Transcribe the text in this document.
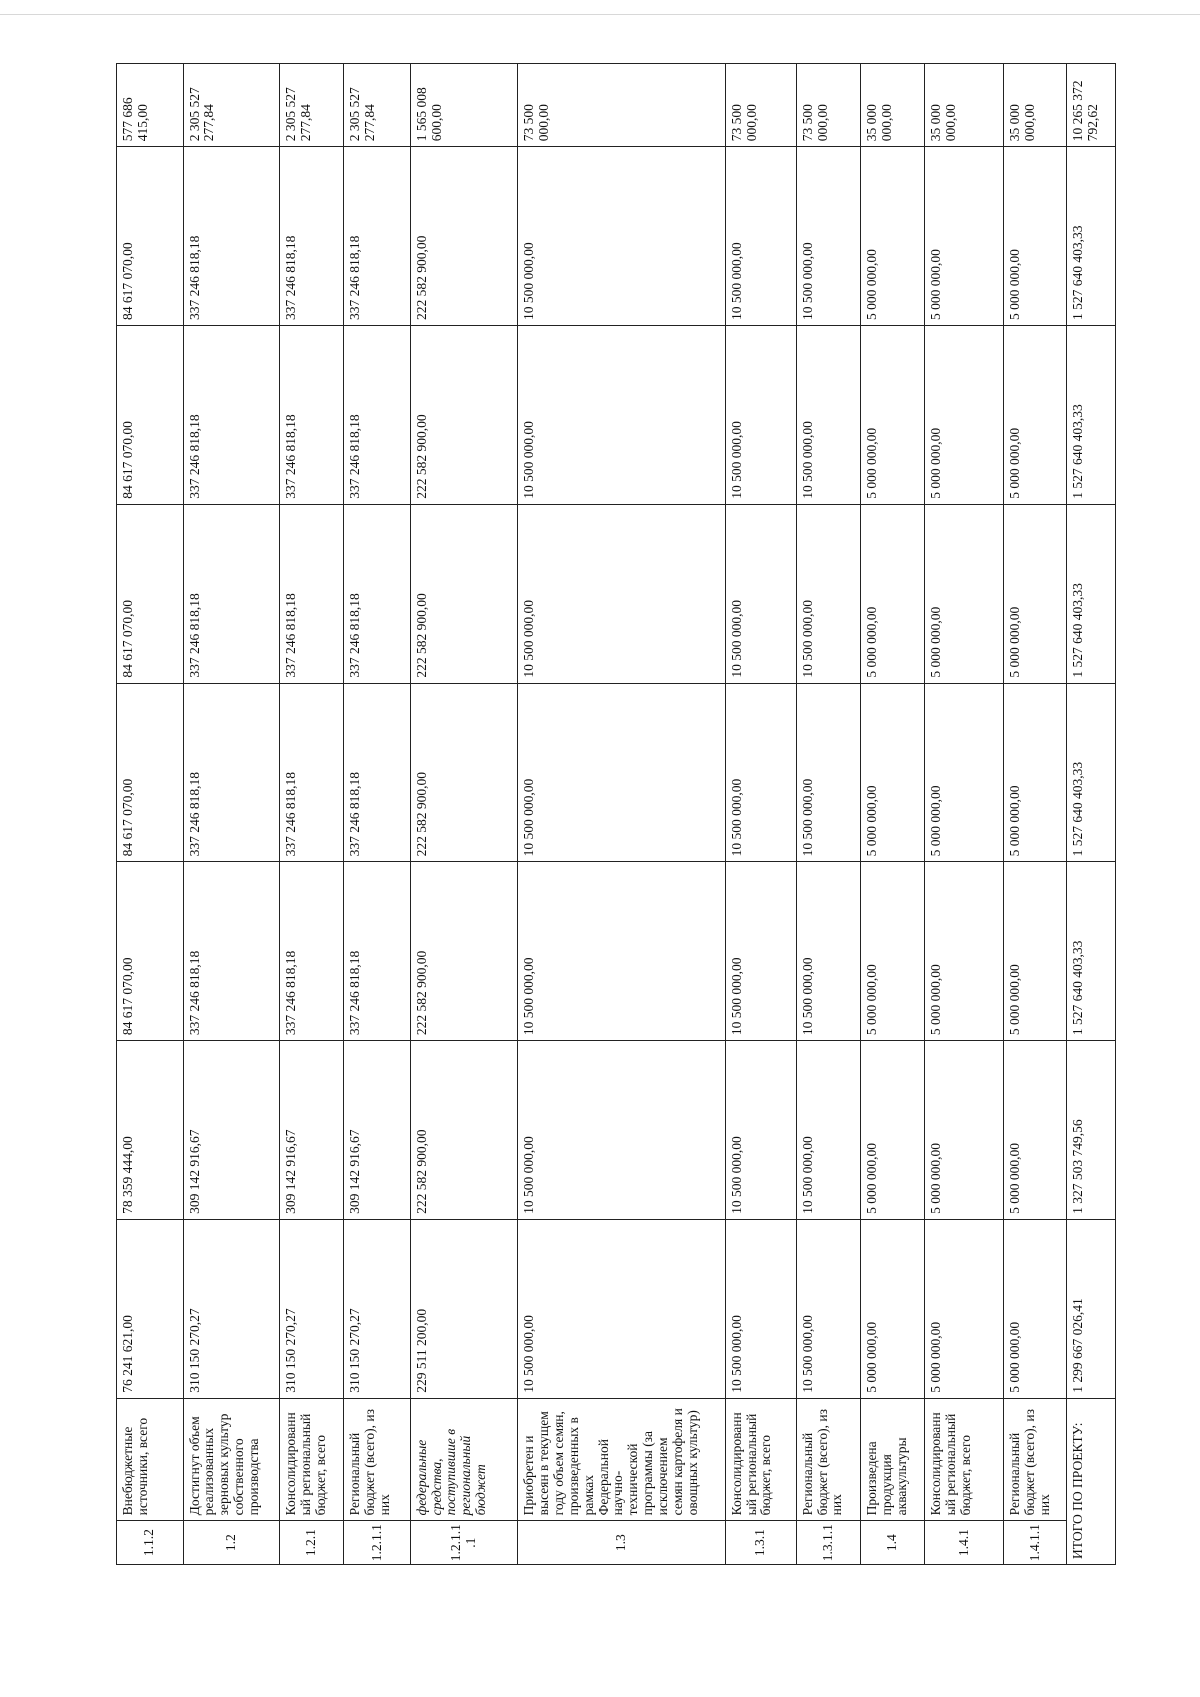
1.1.2	Внебюджетные источники, всего	76 241 621,00	78 359 444,00	84 617 070,00	84 617 070,00	84 617 070,00	84 617 070,00	84 617 070,00	577 686 415,00
1.2	Достигнут объем реализованных зерновых культур собственного производства	310 150 270,27	309 142 916,67	337 246 818,18	337 246 818,18	337 246 818,18	337 246 818,18	337 246 818,18	2 305 527 277,84
1.2.1	Консолидированный региональный бюджет, всего	310 150 270,27	309 142 916,67	337 246 818,18	337 246 818,18	337 246 818,18	337 246 818,18	337 246 818,18	2 305 527 277,84
1.2.1.1	Региональный бюджет (всего), из них	310 150 270,27	309 142 916,67	337 246 818,18	337 246 818,18	337 246 818,18	337 246 818,18	337 246 818,18	2 305 527 277,84
1.2.1.1.1	федеральные средства, поступившие в региональный бюджет	229 511 200,00	222 582 900,00	222 582 900,00	222 582 900,00	222 582 900,00	222 582 900,00	222 582 900,00	1 565 008 600,00
1.3	Приобретен и высеян в текущем году объем семян, произведенных в рамках Федеральной научно-технической программы (за исключением семян картофеля и овощных культур)	10 500 000,00	10 500 000,00	10 500 000,00	10 500 000,00	10 500 000,00	10 500 000,00	10 500 000,00	73 500 000,00
1.3.1	Консолидированный региональный бюджет, всего	10 500 000,00	10 500 000,00	10 500 000,00	10 500 000,00	10 500 000,00	10 500 000,00	10 500 000,00	73 500 000,00
1.3.1.1	Региональный бюджет (всего), из них	10 500 000,00	10 500 000,00	10 500 000,00	10 500 000,00	10 500 000,00	10 500 000,00	10 500 000,00	73 500 000,00
1.4	Произведена продукция аквакультуры	5 000 000,00	5 000 000,00	5 000 000,00	5 000 000,00	5 000 000,00	5 000 000,00	5 000 000,00	35 000 000,00
1.4.1	Консолидированный региональный бюджет, всего	5 000 000,00	5 000 000,00	5 000 000,00	5 000 000,00	5 000 000,00	5 000 000,00	5 000 000,00	35 000 000,00
1.4.1.1	Региональный бюджет (всего), из них	5 000 000,00	5 000 000,00	5 000 000,00	5 000 000,00	5 000 000,00	5 000 000,00	5 000 000,00	35 000 000,00
ИТОГО ПО ПРОЕКТУ:		1 299 667 026,41	1 327 503 749,56	1 527 640 403,33	1 527 640 403,33	1 527 640 403,33	1 527 640 403,33	1 527 640 403,33	10 265 372 792,62
